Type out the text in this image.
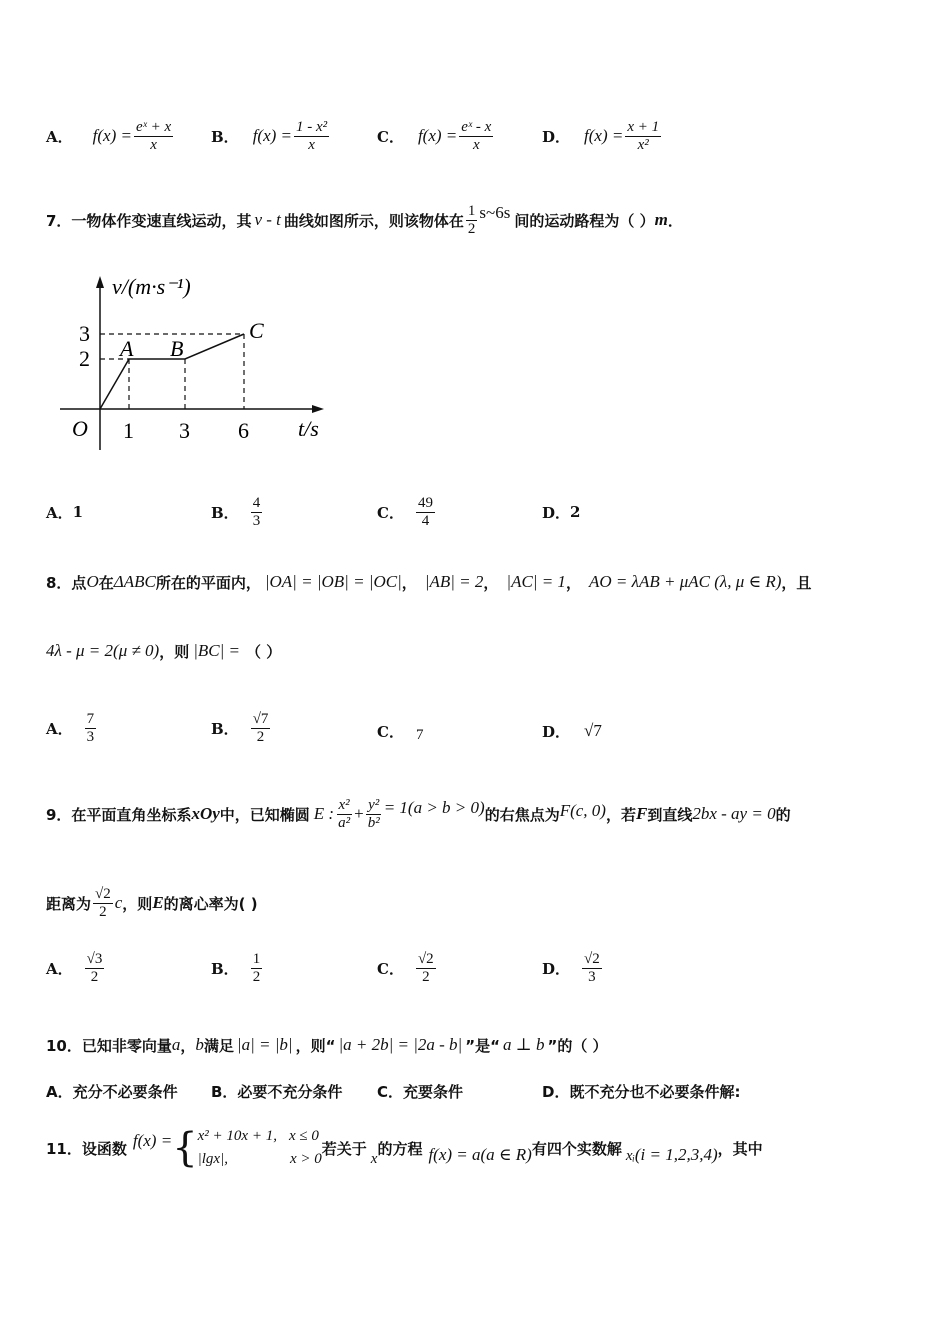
A． $f(x) = \frac{\text{eˣ + x}}{x}$	B． $f(x) = \frac{\text{1 - x²}}{x}$	C． $f(x) = \frac{\text{eˣ - x}}{x}$	D． $f(x) = \frac{x + 1}{\text{x²}}$
7．一物体作变速直线运动，其 v - t 曲线如图所示，则该物体在 $\frac{1}{2}$ s~6s 间的运动路程为（ ） m ．
v/(m·s⁻¹)
t/s
O
A B
C
1 3 6
2
3
A． 1	B． $\frac{4}{3}$	C． $\frac{49}{4}$	D． 2
8．点 O 在 ΔABC 所在的平面内， |OA| = |OB| = |OC| ， |AB| = 2 ， |AC| = 1 ， AO = λAB + μAC (λ, μ ∈ R) ，且
4λ - μ = 2(μ ≠ 0) ，则 |BC| = （ ）
A． $\frac{7}{3}$	B． $\frac{√7}{2}$	C． 7	D． √7
9．在平面直角坐标系 xOy 中，已知椭圆 E : $\frac{\text{x²}}{\text{a²}} + \frac{\text{y²}}{\text{b²}} = 1(a > b > 0)$ 的右焦点为 F(c, 0) ，若 F 到直线 2bx - ay = 0 的
距离为 $\frac{√2}{2}$ c ，则 E 的离心率为( )
A． $\frac{√3}{2}$	B． $\frac{1}{2}$	C． $\frac{√2}{2}$	D． $\frac{√2}{3}$
10．已知非零向量 a ， b 满足 |a| = |b| ，则“ |a + 2b| = |2a - b| ”是“ a ⊥ b ”的（ ）
A．充分不必要条件 B．必要不充分条件 C．充要条件	D．既不充分也不必要条件解:
11．设函数 f(x) = { x² + 10x + 1, x ≤ 0
|lgx|,	x > 0
若关于
x
的方程 f(x) = a(a ∈ R) 有四个实数解 xᵢ (i = 1,2,3,4) ，其中
